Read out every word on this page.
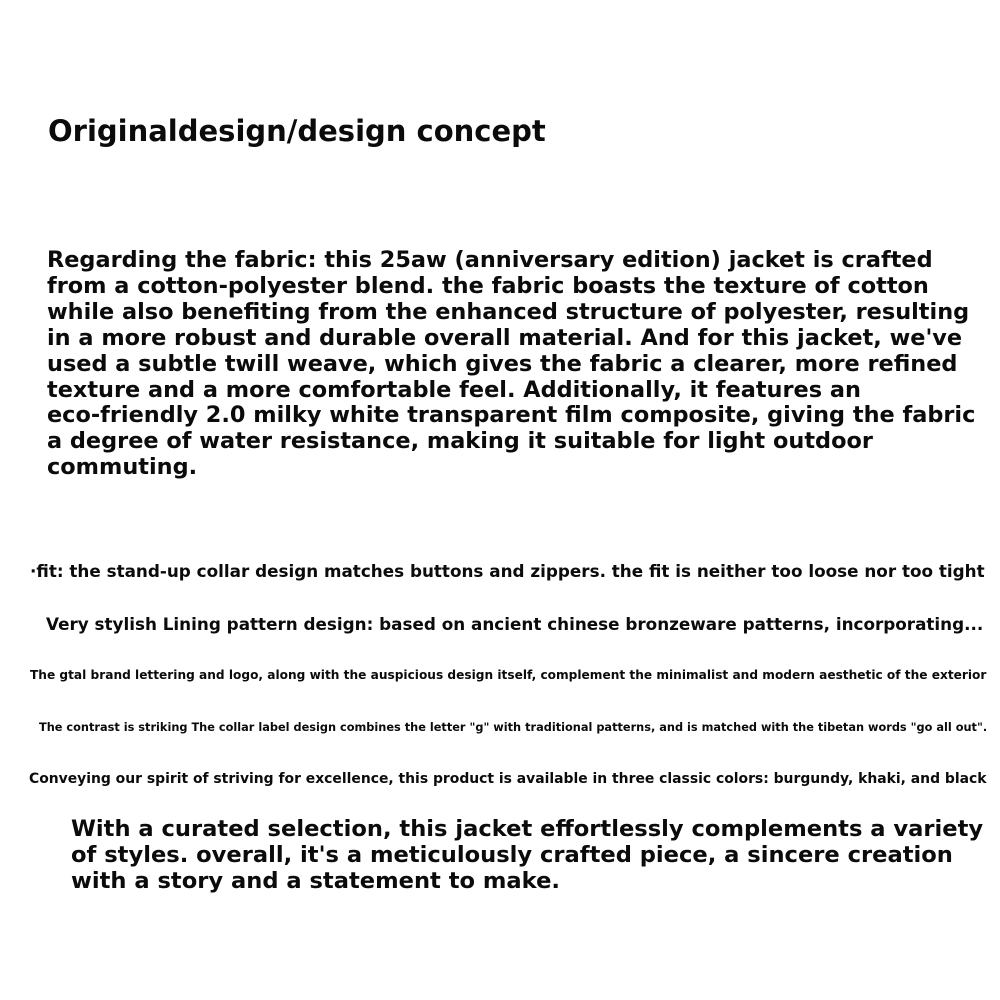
Originaldesign/design concept
Regarding the fabric: this 25aw (anniversary edition) jacket is crafted
from a cotton-polyester blend. the fabric boasts the texture of cotton
while also benefiting from the enhanced structure of polyester, resulting
in a more robust and durable overall material. And for this jacket, we've
used a subtle twill weave, which gives the fabric a clearer, more refined
texture and a more comfortable feel. Additionally, it features an
eco-friendly 2.0 milky white transparent film composite, giving the fabric
a degree of water resistance, making it suitable for light outdoor
commuting.
·fit: the stand-up collar design matches buttons and zippers. the fit is neither too loose nor too tight
Very stylish Lining pattern design: based on ancient chinese bronzeware patterns, incorporating...
The gtal brand lettering and logo, along with the auspicious design itself, complement the minimalist and modern aesthetic of the exterior
The contrast is striking The collar label design combines the letter "g" with traditional patterns, and is matched with the tibetan words "go all out".
Conveying our spirit of striving for excellence, this product is available in three classic colors: burgundy, khaki, and black
With a curated selection, this jacket effortlessly complements a variety
of styles. overall, it's a meticulously crafted piece, a sincere creation
with a story and a statement to make.
